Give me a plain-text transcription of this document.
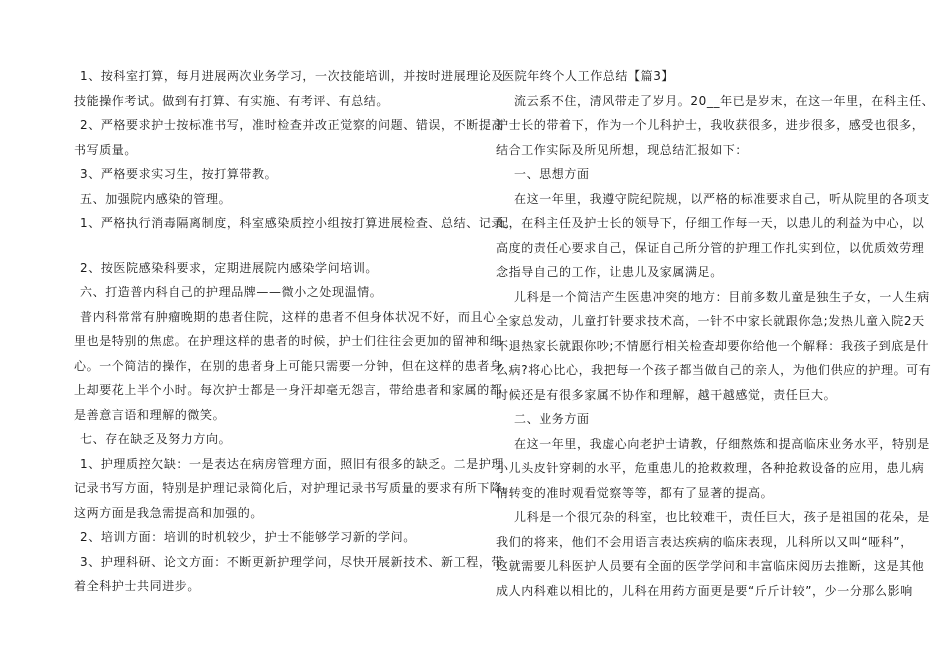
1、按科室打算，每月进展两次业务学习，一次技能培训，并按时进展理论及
技能操作考试。做到有打算、有实施、有考评、有总结。

2、严格要求护士按标准书写，准时检查并改正觉察的问题、错误，不断提高
书写质量。

3、严格要求实习生，按打算带教。

五、加强院内感染的管理。

1、严格执行消毒隔离制度，科室感染质控小组按打算进展检查、总结、记录。

2、按医院感染科要求，定期进展院内感染学问培训。

六、打造普内科自己的护理品牌——微小之处现温情。

普内科常常有肿瘤晚期的患者住院，这样的患者不但身体状况不好，而且心
里也是特别的焦虑。在护理这样的患者的时候，护士们往往会更加的留神和细
心。一个简洁的操作，在别的患者身上可能只需要一分钟，但在这样的患者身
上却要花上半个小时。每次护士都是一身汗却毫无怨言，带给患者和家属的都
是善意言语和理解的微笑。

七、存在缺乏及努力方向。

1、护理质控欠缺：一是表达在病房管理方面，照旧有很多的缺乏。二是护理
记录书写方面，特别是护理记录简化后，对护理记录书写质量的要求有所下降。
这两方面是我急需提高和加强的。

2、培训方面：培训的时机较少，护士不能够学习新的学问。

3、护理科研、论文方面：不断更新护理学问，尽快开展新技术、新工程，带
着全科护士共同进步。

医院年终个人工作总结【篇3】

流云系不住，清风带走了岁月。20__年已是岁末，在这一年里，在科主任、
护士长的带着下，作为一个儿科护士，我收获很多，进步很多，感受也很多，
结合工作实际及所见所想，现总结汇报如下：

一、思想方面

在这一年里，我遵守院纪院规，以严格的标准要求自己，听从院里的各项支
配，在科主任及护士长的领导下，仔细工作每一天，以患儿的利益为中心，以
高度的责任心要求自己，保证自己所分管的护理工作扎实到位，以优质效劳理
念指导自己的工作，让患儿及家属满足。

儿科是一个简洁产生医患冲突的地方：目前多数儿童是独生子女，一人生病
全家总发动，儿童打针要求技术高，一针不中家长就跟你急;发热儿童入院2天
不退热家长就跟你吵;不情愿行相关检查却要你给他一个解释：我孩子到底是什
么病?将心比心，我把每一个孩子都当做自己的亲人，为他们供应的护理。可有
时候还是有很多家属不协作和理解，越干越感觉，责任巨大。

二、业务方面

在这一年里，我虚心向老护士请教，仔细熬炼和提高临床业务水平，特别是
小儿头皮针穿刺的水平，危重患儿的抢救救理，各种抢救设备的应用，患儿病
情转变的准时观看觉察等等，都有了显著的提高。

儿科是一个很冗杂的科室，也比较难干，责任巨大，孩子是祖国的花朵，是
我们的将来，他们不会用语言表达疾病的临床表现，儿科所以又叫“哑科”，
这就需要儿科医护人员要有全面的医学学问和丰富临床阅历去推断，这是其他
成人内科难以相比的，儿科在用药方面更是要“斤斤计较”，少一分那么影响
